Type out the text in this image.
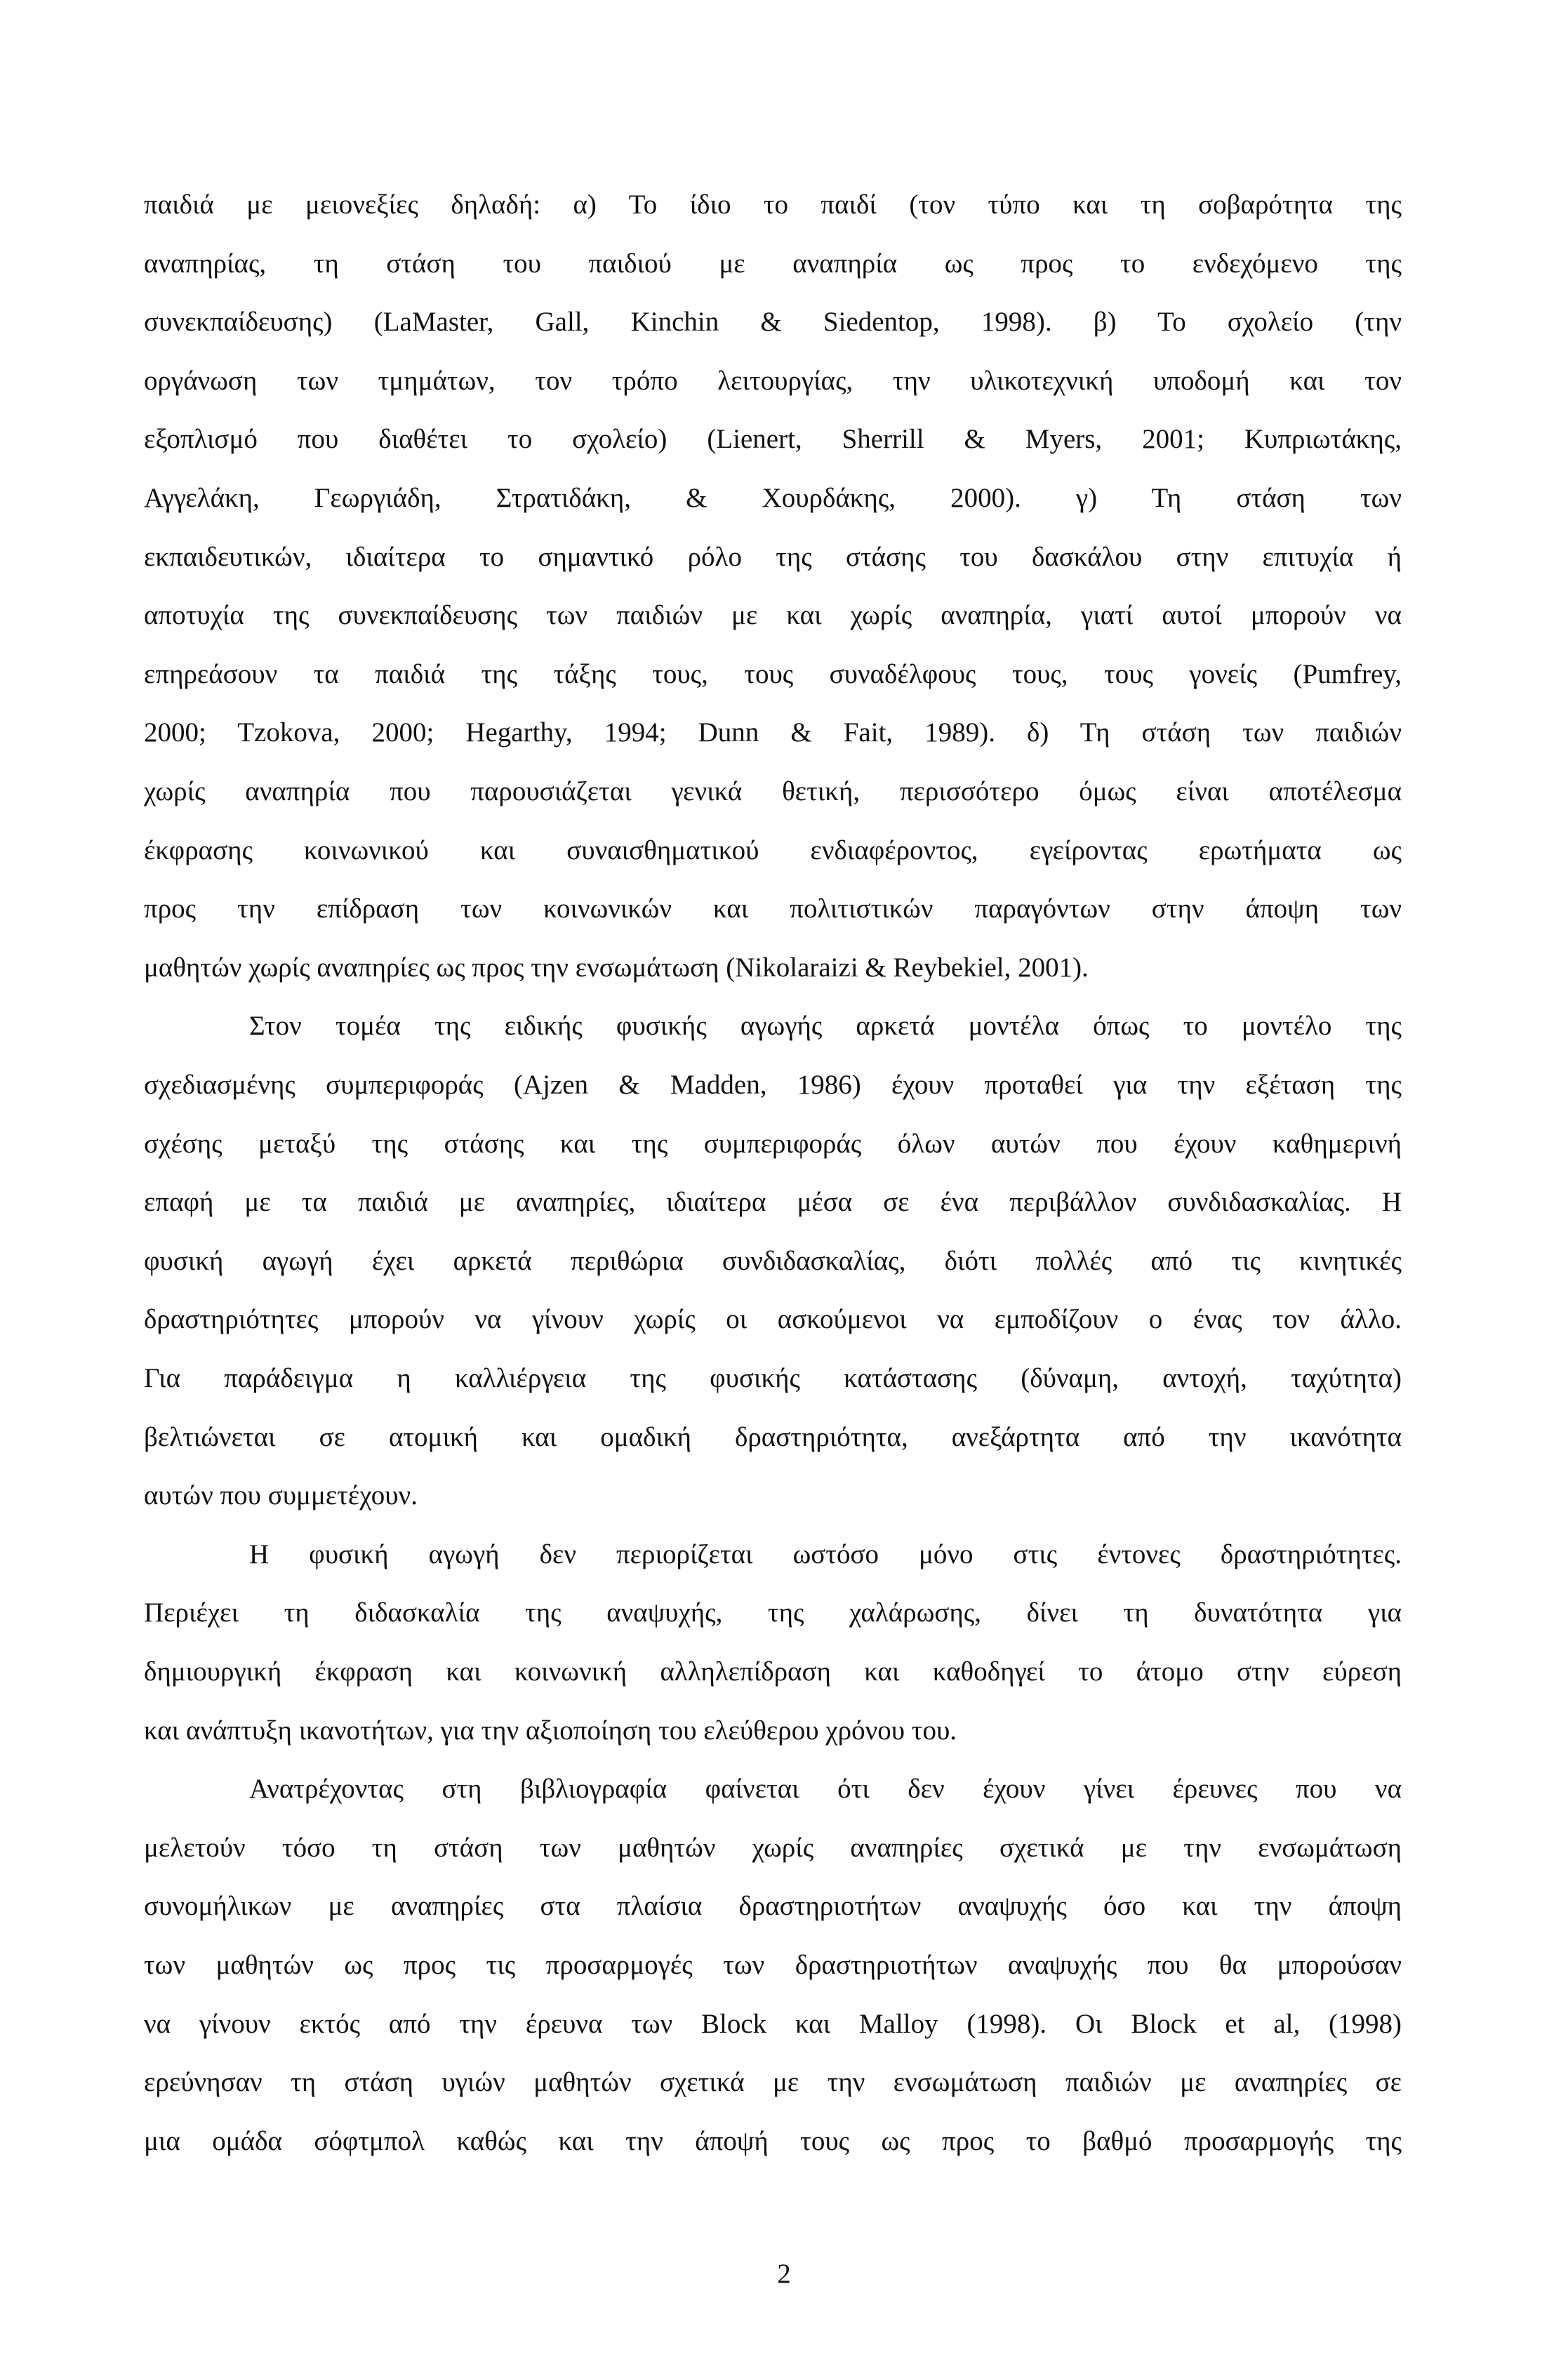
παιδιά με μειονεξίες δηλαδή: α) Το ίδιο το παιδί (τον τύπο και τη σοβαρότητα της
αναπηρίας, τη στάση του παιδιού με αναπηρία ως προς το ενδεχόμενο της
συνεκπαίδευσης) (LaMaster, Gall, Kinchin & Siedentop, 1998). β) Το σχολείο (την
οργάνωση των τμημάτων, τον τρόπο λειτουργίας, την υλικοτεχνική υποδομή και τον
εξοπλισμό που διαθέτει το σχολείο) (Lienert, Sherrill & Myers, 2001; Κυπριωτάκης,
Αγγελάκη, Γεωργιάδη, Στρατιδάκη, & Χουρδάκης, 2000). γ) Τη στάση των
εκπαιδευτικών, ιδιαίτερα το σημαντικό ρόλο της στάσης του δασκάλου στην επιτυχία ή
αποτυχία της συνεκπαίδευσης των παιδιών με και χωρίς αναπηρία, γιατί αυτοί μπορούν να
επηρεάσουν τα παιδιά της τάξης τους, τους συναδέλφους τους, τους γονείς (Pumfrey,
2000; Tzokova, 2000; Hegarthy, 1994; Dunn & Fait, 1989). δ) Τη στάση των παιδιών
χωρίς αναπηρία που παρουσιάζεται γενικά θετική, περισσότερο όμως είναι αποτέλεσμα
έκφρασης κοινωνικού και συναισθηματικού ενδιαφέροντος, εγείροντας ερωτήματα ως
προς την επίδραση των κοινωνικών και πολιτιστικών παραγόντων στην άποψη των
μαθητών χωρίς αναπηρίες ως προς την ενσωμάτωση (Nikolaraizi & Reybekiel, 2001).
Στον τομέα της ειδικής φυσικής αγωγής αρκετά μοντέλα όπως το μοντέλο της
σχεδιασμένης συμπεριφοράς (Ajzen & Madden, 1986) έχουν προταθεί για την εξέταση της
σχέσης μεταξύ της στάσης και της συμπεριφοράς όλων αυτών που έχουν καθημερινή
επαφή με τα παιδιά με αναπηρίες, ιδιαίτερα μέσα σε ένα περιβάλλον συνδιδασκαλίας. Η
φυσική αγωγή έχει αρκετά περιθώρια συνδιδασκαλίας, διότι πολλές από τις κινητικές
δραστηριότητες μπορούν να γίνουν χωρίς οι ασκούμενοι να εμποδίζουν ο ένας τον άλλο.
Για παράδειγμα η καλλιέργεια της φυσικής κατάστασης (δύναμη, αντοχή, ταχύτητα)
βελτιώνεται σε ατομική και ομαδική δραστηριότητα, ανεξάρτητα από την ικανότητα
αυτών που συμμετέχουν.
Η φυσική αγωγή δεν περιορίζεται ωστόσο μόνο στις έντονες δραστηριότητες.
Περιέχει τη διδασκαλία της αναψυχής, της χαλάρωσης, δίνει τη δυνατότητα για
δημιουργική έκφραση και κοινωνική αλληλεπίδραση και καθοδηγεί το άτομο στην εύρεση
και ανάπτυξη ικανοτήτων, για την αξιοποίηση του ελεύθερου χρόνου του.
Ανατρέχοντας στη βιβλιογραφία φαίνεται ότι δεν έχουν γίνει έρευνες που να
μελετούν τόσο τη στάση των μαθητών χωρίς αναπηρίες σχετικά με την ενσωμάτωση
συνομήλικων με αναπηρίες στα πλαίσια δραστηριοτήτων αναψυχής όσο και την άποψη
των μαθητών ως προς τις προσαρμογές των δραστηριοτήτων αναψυχής που θα μπορούσαν
να γίνουν εκτός από την έρευνα των Block και Malloy (1998). Οι Block et al, (1998)
ερεύνησαν τη στάση υγιών μαθητών σχετικά με την ενσωμάτωση παιδιών με αναπηρίες σε
μια ομάδα σόφτμπολ καθώς και την άποψή τους ως προς το βαθμό προσαρμογής της
2
